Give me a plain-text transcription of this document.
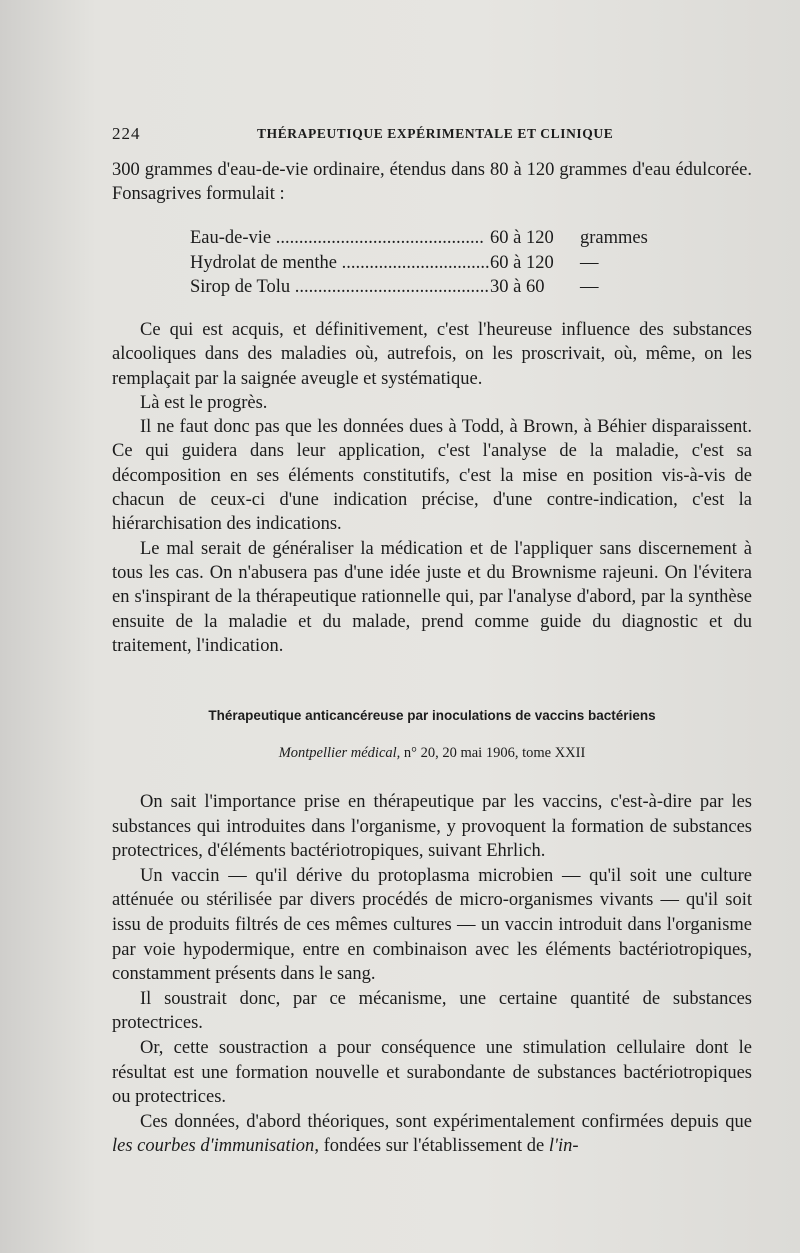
224	THÉRAPEUTIQUE EXPÉRIMENTALE ET CLINIQUE

300 grammes d'eau-de-vie ordinaire, étendus dans 80 à 120 grammes d'eau édulcorée. Fonsagrives formulait :

Eau-de-vie .....	60 à 120	grammes
Hydrolat de menthe .....	60 à 120	—
Sirop de Tolu .....	30 à 60	—

Ce qui est acquis, et définitivement, c'est l'heureuse influence des substances alcooliques dans des maladies où, autrefois, on les proscrivait, où, même, on les remplaçait par la saignée aveugle et systématique.

Là est le progrès.

Il ne faut donc pas que les données dues à Todd, à Brown, à Béhier disparaissent. Ce qui guidera dans leur application, c'est l'analyse de la maladie, c'est sa décomposition en ses éléments constitutifs, c'est la mise en position vis-à-vis de chacun de ceux-ci d'une indication précise, d'une contre-indication, c'est la hiérarchisation des indications.

Le mal serait de généraliser la médication et de l'appliquer sans discernement à tous les cas. On n'abusera pas d'une idée juste et du Brownisme rajeuni. On l'évitera en s'inspirant de la thérapeutique rationnelle qui, par l'analyse d'abord, par la synthèse ensuite de la maladie et du malade, prend comme guide du diagnostic et du traitement, l'indication.

Thérapeutique anticancéreuse par inoculations de vaccins bactériens
Montpellier médical, n° 20, 20 mai 1906, tome XXII

On sait l'importance prise en thérapeutique par les vaccins, c'est-à-dire par les substances qui introduites dans l'organisme, y provoquent la formation de substances protectrices, d'éléments bactériotropiques, suivant Ehrlich.

Un vaccin — qu'il dérive du protoplasma microbien — qu'il soit une culture atténuée ou stérilisée par divers procédés de micro-organismes vivants — qu'il soit issu de produits filtrés de ces mêmes cultures — un vaccin introduit dans l'organisme par voie hypodermique, entre en combinaison avec les éléments bactériotropiques, constamment présents dans le sang.

Il soustrait donc, par ce mécanisme, une certaine quantité de substances protectrices.

Or, cette soustraction a pour conséquence une stimulation cellulaire dont le résultat est une formation nouvelle et surabondante de substances bactériotropiques ou protectrices.

Ces données, d'abord théoriques, sont expérimentalement confirmées depuis que les courbes d'immunisation, fondées sur l'établissement de l'in-
